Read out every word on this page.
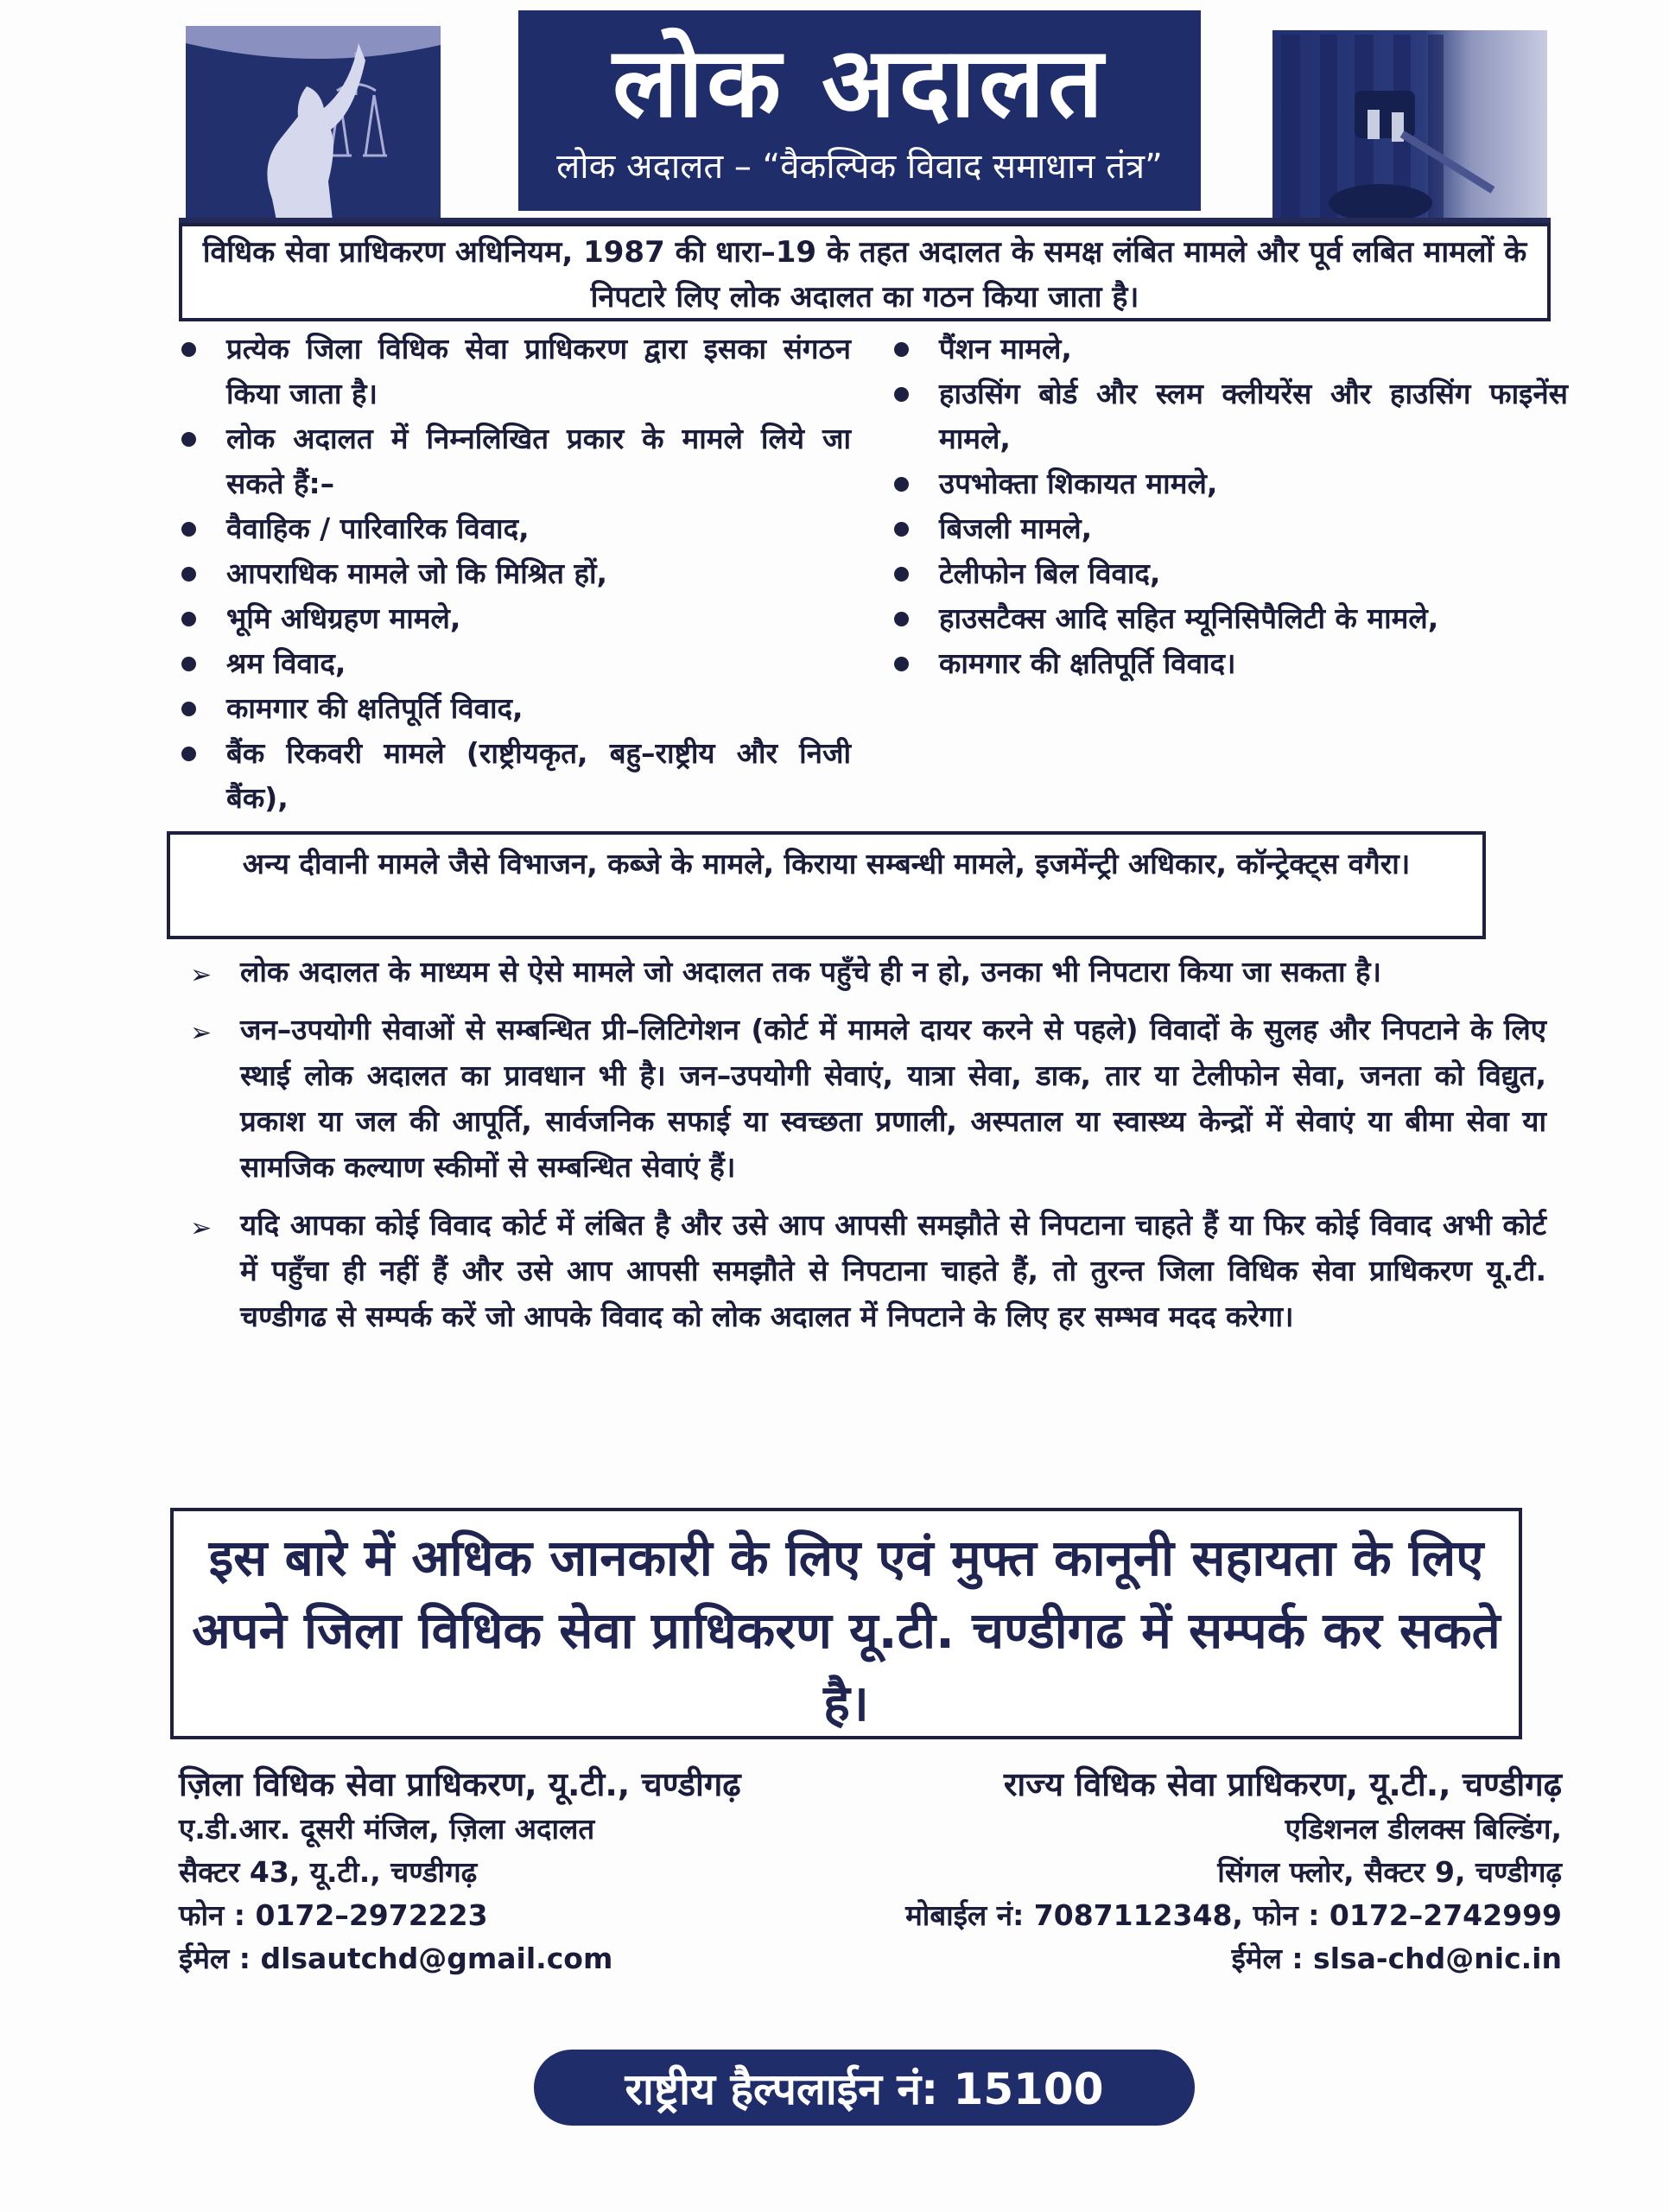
लोक अदालत
लोक अदालत – “वैकल्पिक विवाद समाधान तंत्र”
विधिक सेवा प्राधिकरण अधिनियम, 1987 की धारा–19 के तहत अदालत के समक्ष लंबित मामले और पूर्व लबित मामलों के निपटारे लिए लोक अदालत का गठन किया जाता है।
प्रत्येक जिला विधिक सेवा प्राधिकरण द्वारा इसका संगठन किया जाता है।
लोक अदालत में निम्नलिखित प्रकार के मामले लिये जा सकते हैं:–
वैवाहिक / पारिवारिक विवाद,
आपराधिक मामले जो कि मिश्रित हों,
भूमि अधिग्रहण मामले,
श्रम विवाद,
कामगार की क्षतिपूर्ति विवाद,
बैंक रिकवरी मामले (राष्ट्रीयकृत, बहु–राष्ट्रीय और निजी बैंक),
पैंशन मामले,
हाउसिंग बोर्ड और स्लम क्लीयरेंस और हाउसिंग फाइनेंस मामले,
उपभोक्ता शिकायत मामले,
बिजली मामले,
टेलीफोन बिल विवाद,
हाउसटैक्स आदि सहित म्यूनिसिपैलिटी के मामले,
कामगार की क्षतिपूर्ति विवाद।
अन्य दीवानी मामले जैसे विभाजन, कब्जे के मामले, किराया सम्बन्धी मामले, इजमेंन्ट्री अधिकार, कॉन्ट्रेक्ट्स वगैरा।
➢ लोक अदालत के माध्यम से ऐसे मामले जो अदालत तक पहुँचे ही न हो, उनका भी निपटारा किया जा सकता है।
➢ जन–उपयोगी सेवाओं से सम्बन्धित प्री–लिटिगेशन (कोर्ट में मामले दायर करने से पहले) विवादों के सुलह और निपटाने के लिए स्थाई लोक अदालत का प्रावधान भी है। जन–उपयोगी सेवाएं, यात्रा सेवा, डाक, तार या टेलीफोन सेवा, जनता को विद्युत, प्रकाश या जल की आपूर्ति, सार्वजनिक सफाई या स्वच्छता प्रणाली, अस्पताल या स्वास्थ्य केन्द्रों में सेवाएं या बीमा सेवा या सामजिक कल्याण स्कीमों से सम्बन्धित सेवाएं हैं।
➢ यदि आपका कोई विवाद कोर्ट में लंबित है और उसे आप आपसी समझौते से निपटाना चाहते हैं या फिर कोई विवाद अभी कोर्ट में पहुँचा ही नहीं हैं और उसे आप आपसी समझौते से निपटाना चाहते हैं, तो तुरन्त जिला विधिक सेवा प्राधिकरण यू.टी. चण्डीगढ से सम्पर्क करें जो आपके विवाद को लोक अदालत में निपटाने के लिए हर सम्भव मदद करेगा।
इस बारे में अधिक जानकारी के लिए एवं मुफ्त कानूनी सहायता के लिए अपने जिला विधिक सेवा प्राधिकरण यू.टी. चण्डीगढ में सम्पर्क कर सकते है।
ज़िला विधिक सेवा प्राधिकरण, यू.टी., चण्डीगढ़
ए.डी.आर. दूसरी मंजिल, ज़िला अदालत
सैक्टर 43, यू.टी., चण्डीगढ़
फोन : 0172–2972223
ईमेल : dlsautchd@gmail.com
राज्य विधिक सेवा प्राधिकरण, यू.टी., चण्डीगढ़
एडिशनल डीलक्स बिल्डिंग,
सिंगल फ्लोर, सैक्टर 9, चण्डीगढ़
मोबाईल नं: 7087112348, फोन : 0172–2742999
ईमेल : slsa-chd@nic.in
राष्ट्रीय हैल्पलाईन नं: 15100
